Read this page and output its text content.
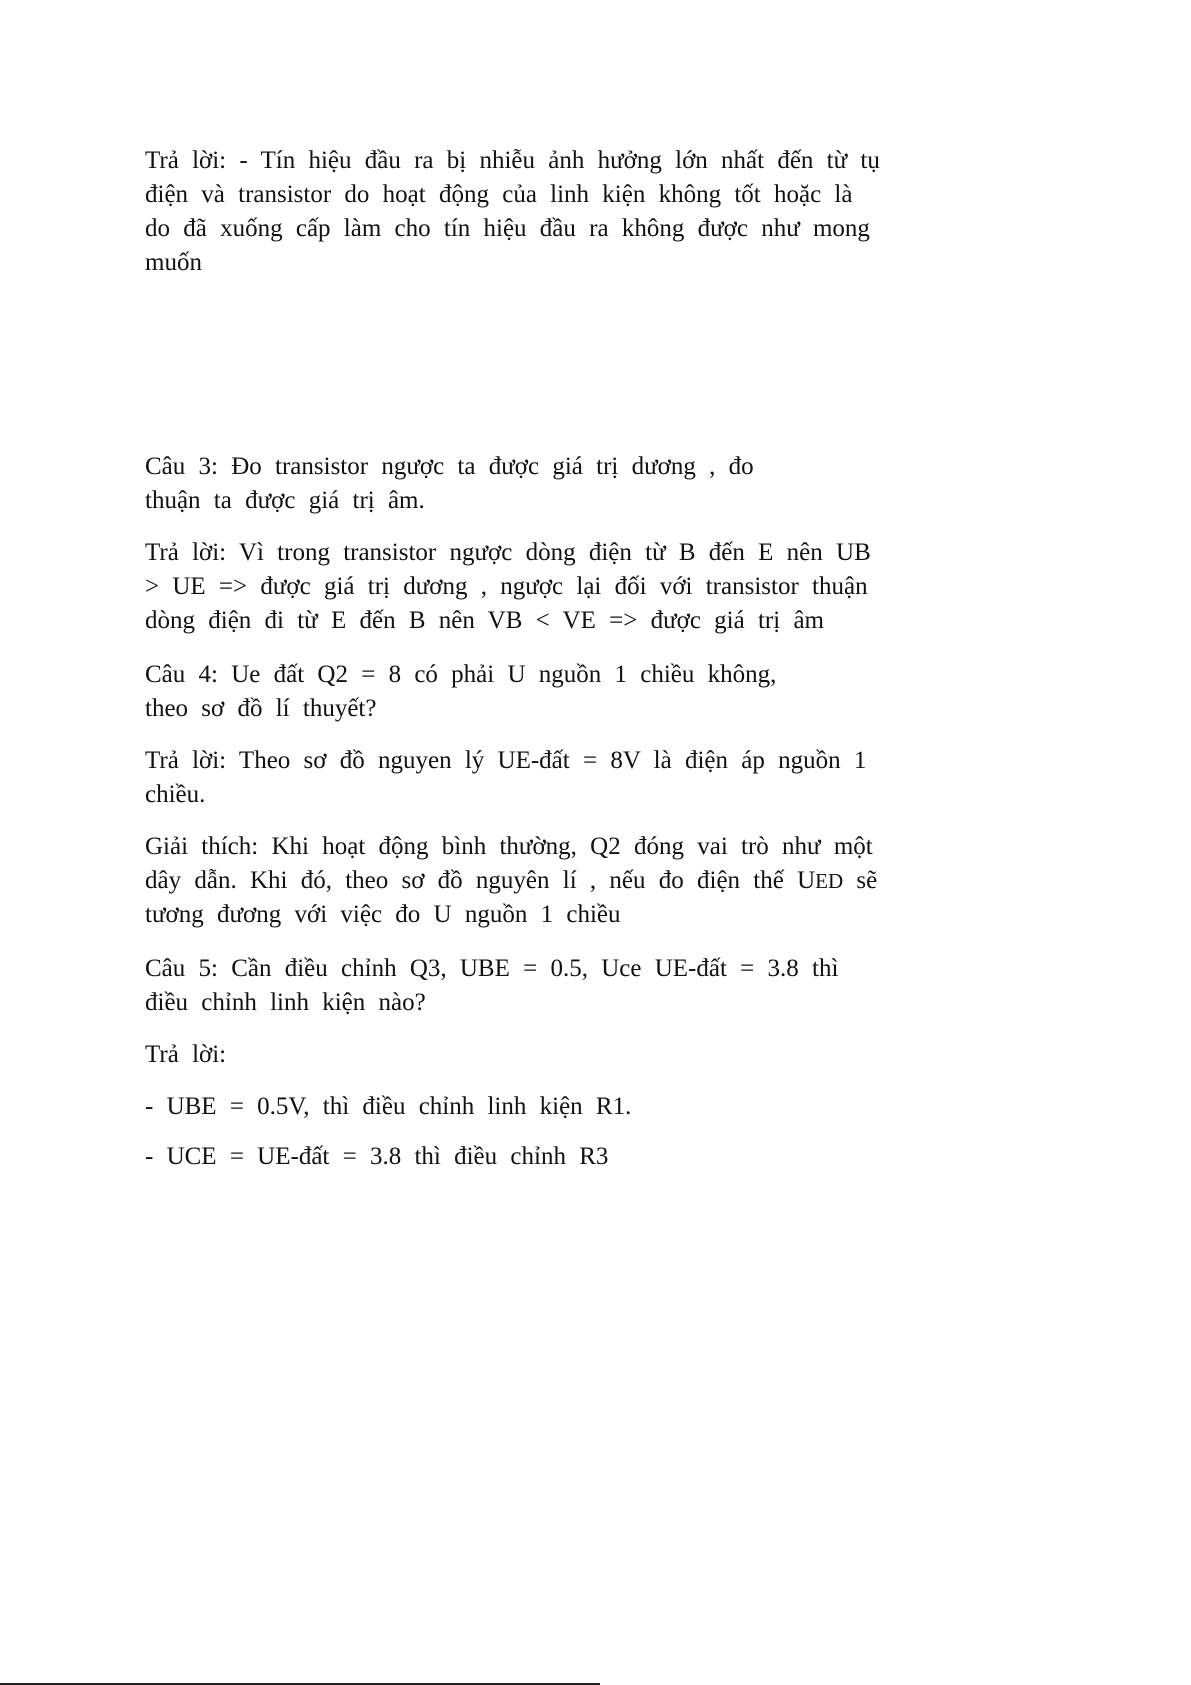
Trả lời: - Tín hiệu đầu ra bị nhiễu ảnh hưởng lớn nhất đến từ tụ
điện và transistor do hoạt động của linh kiện không tốt hoặc là
do đã xuống cấp làm cho tín hiệu đầu ra không được như mong
muốn
Câu 3: Đo transistor ngược ta được giá trị dương , đo
thuận ta được giá trị âm.
Trả lời: Vì trong transistor ngược dòng điện từ B đến E nên UB
> UE => được giá trị dương , ngược lại đối với transistor thuận
dòng điện đi từ E đến B nên VB < VE => được giá trị âm
Câu 4: Ue đất Q2 = 8 có phải U nguồn 1 chiều không,
theo sơ đồ lí thuyết?
Trả lời: Theo sơ đồ nguyen lý UE-đất = 8V là điện áp nguồn 1
chiều.
Giải thích: Khi hoạt động bình thường, Q2 đóng vai trò như một
dây dẫn. Khi đó, theo sơ đồ nguyên lí , nếu đo điện thế UED sẽ
tương đương với việc đo U nguồn 1 chiều
Câu 5: Cần điều chỉnh Q3, UBE = 0.5, Uce UE-đất = 3.8 thì
điều chỉnh linh kiện nào?
Trả lời:
- UBE = 0.5V, thì điều chỉnh linh kiện R1.
- UCE = UE-đất = 3.8 thì điều chỉnh R3
